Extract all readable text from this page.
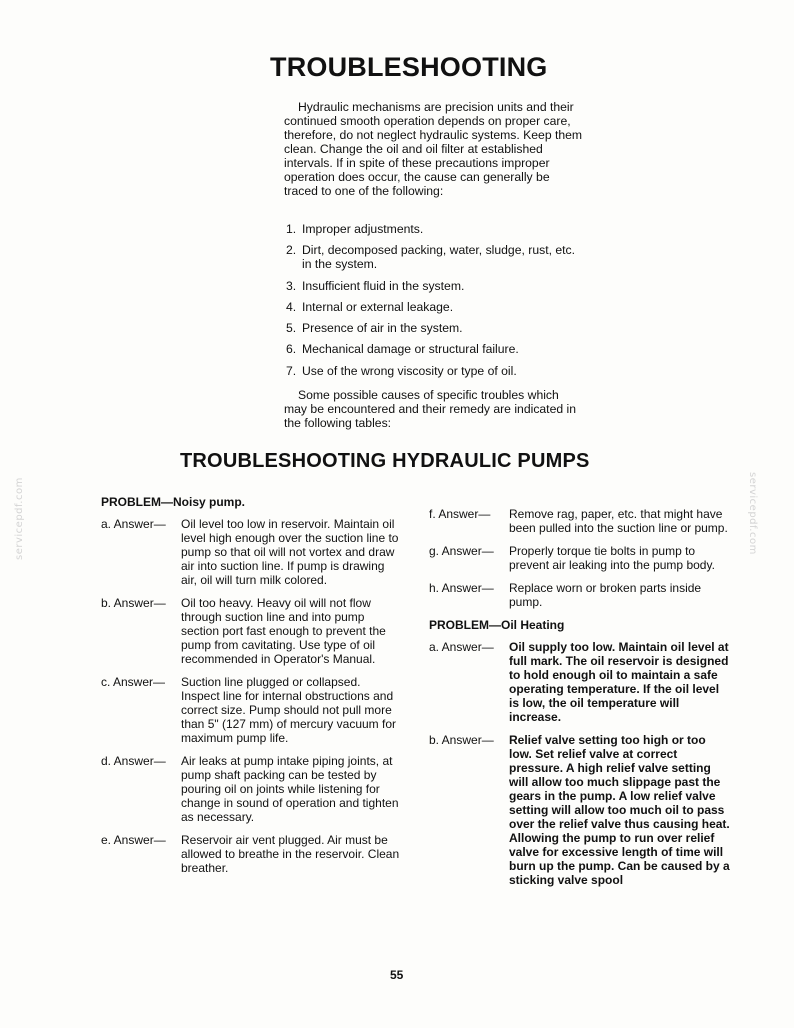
servicepdf.com	servicepdf.com
TROUBLESHOOTING

Hydraulic mechanisms are precision units and their continued smooth operation depends on proper care, therefore, do not neglect hydraulic systems. Keep them clean. Change the oil and oil filter at established intervals. If in spite of these precautions improper operation does occur, the cause can generally be traced to one of the following:

1. Improper adjustments.
2. Dirt, decomposed packing, water, sludge, rust, etc. in the system.
3. Insufficient fluid in the system.
4. Internal or external leakage.
5. Presence of air in the system.
6. Mechanical damage or structural failure.
7. Use of the wrong viscosity or type of oil.

Some possible causes of specific troubles which may be encountered and their remedy are indicated in the following tables:

TROUBLESHOOTING HYDRAULIC PUMPS
PROBLEM—Noisy pump.
a. Answer—	Oil level too low in reservoir. Maintain oil level high enough over the suction line to pump so that oil will not vortex and draw air into suction line. If pump is drawing air, oil will turn milk colored.
b. Answer—	Oil too heavy. Heavy oil will not flow through suction line and into pump section port fast enough to prevent the pump from cavitating. Use type of oil recommended in Operator's Manual.
c. Answer—	Suction line plugged or collapsed. Inspect line for internal obstructions and correct size. Pump should not pull more than 5" (127 mm) of mercury vacuum for maximum pump life.
d. Answer—	Air leaks at pump intake piping joints, at pump shaft packing can be tested by pouring oil on joints while listening for change in sound of operation and tighten as necessary.
e. Answer—	Reservoir air vent plugged. Air must be allowed to breathe in the reservoir. Clean breather.
f. Answer—	Remove rag, paper, etc. that might have been pulled into the suction line or pump.
g. Answer—	Properly torque tie bolts in pump to prevent air leaking into the pump body.
h. Answer—	Replace worn or broken parts inside pump.
PROBLEM—Oil Heating
a. Answer—	Oil supply too low. Maintain oil level at full mark. The oil reservoir is designed to hold enough oil to maintain a safe operating temperature. If the oil level is low, the oil temperature will increase.
b. Answer—	Relief valve setting too high or too low. Set relief valve at correct pressure. A high relief valve setting will allow too much slippage past the gears in the pump. A low relief valve setting will allow too much oil to pass over the relief valve thus causing heat. Allowing the pump to run over relief valve for excessive length of time will burn up the pump. Can be caused by a sticking valve spool
55
